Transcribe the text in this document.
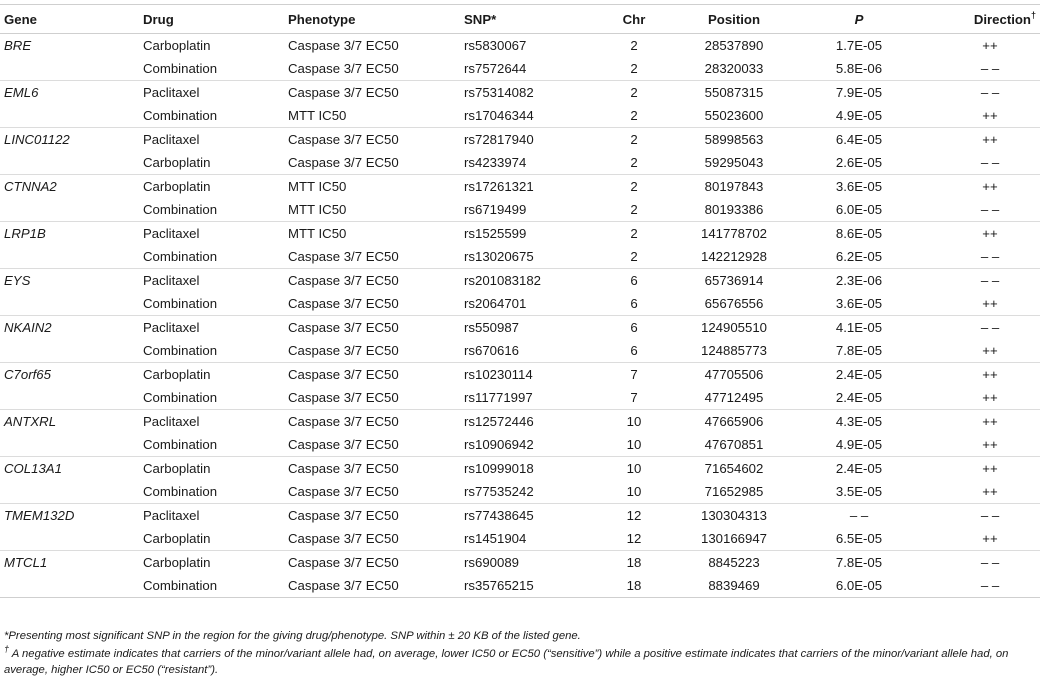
Gene	Drug	Phenotype	SNP*	Chr	Position	P	Direction†
BRE	Carboplatin	Caspase 3/7 EC50	rs5830067	2	28537890	1.7E-05	++
	Combination	Caspase 3/7 EC50	rs7572644	2	28320033	5.8E-06	– –
EML6	Paclitaxel	Caspase 3/7 EC50	rs75314082	2	55087315	7.9E-05	– –
	Combination	MTT IC50	rs17046344	2	55023600	4.9E-05	++
LINC01122	Paclitaxel	Caspase 3/7 EC50	rs72817940	2	58998563	6.4E-05	++
	Carboplatin	Caspase 3/7 EC50	rs4233974	2	59295043	2.6E-05	– –
CTNNA2	Carboplatin	MTT IC50	rs17261321	2	80197843	3.6E-05	++
	Combination	MTT IC50	rs6719499	2	80193386	6.0E-05	– –
LRP1B	Paclitaxel	MTT IC50	rs1525599	2	141778702	8.6E-05	++
	Combination	Caspase 3/7 EC50	rs13020675	2	142212928	6.2E-05	– –
EYS	Paclitaxel	Caspase 3/7 EC50	rs201083182	6	65736914	2.3E-06	– –
	Combination	Caspase 3/7 EC50	rs2064701	6	65676556	3.6E-05	++
NKAIN2	Paclitaxel	Caspase 3/7 EC50	rs550987	6	124905510	4.1E-05	– –
	Combination	Caspase 3/7 EC50	rs670616	6	124885773	7.8E-05	++
C7orf65	Carboplatin	Caspase 3/7 EC50	rs10230114	7	47705506	2.4E-05	++
	Combination	Caspase 3/7 EC50	rs11771997	7	47712495	2.4E-05	++
ANTXRL	Paclitaxel	Caspase 3/7 EC50	rs12572446	10	47665906	4.3E-05	++
	Combination	Caspase 3/7 EC50	rs10906942	10	47670851	4.9E-05	++
COL13A1	Carboplatin	Caspase 3/7 EC50	rs10999018	10	71654602	2.4E-05	++
	Combination	Caspase 3/7 EC50	rs77535242	10	71652985	3.5E-05	++
TMEM132D	Paclitaxel	Caspase 3/7 EC50	rs77438645	12	130304313	– –	– –
	Carboplatin	Caspase 3/7 EC50	rs1451904	12	130166947	6.5E-05	++
MTCL1	Carboplatin	Caspase 3/7 EC50	rs690089	18	8845223	7.8E-05	– –
	Combination	Caspase 3/7 EC50	rs35765215	18	8839469	6.0E-05	– –
*Presenting most significant SNP in the region for the giving drug/phenotype. SNP within ± 20 KB of the listed gene.
† A negative estimate indicates that carriers of the minor/variant allele had, on average, lower IC50 or EC50 (“sensitive”) while a positive estimate indicates that carriers of the minor/variant allele had, on average, higher IC50 or EC50 (“resistant”).
